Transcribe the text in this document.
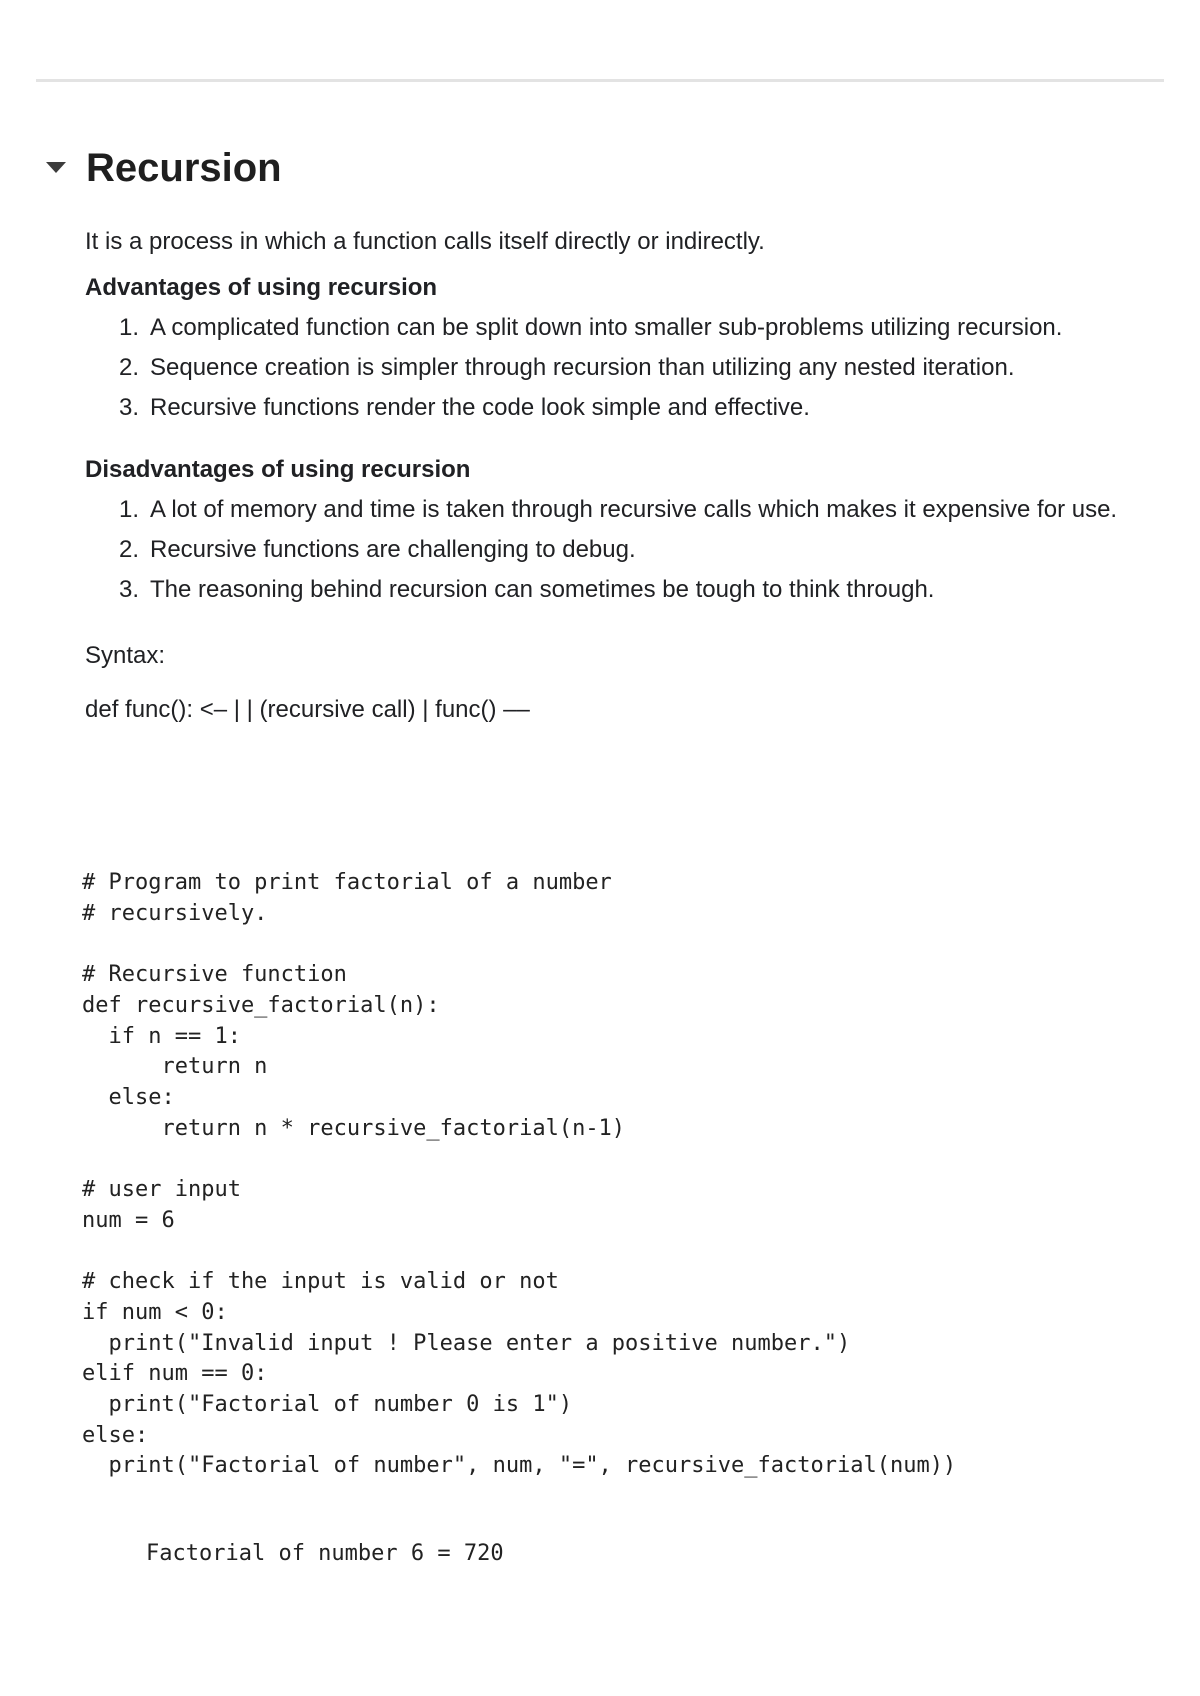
Recursion

It is a process in which a function calls itself directly or indirectly.

Advantages of using recursion

1. A complicated function can be split down into smaller sub-problems utilizing recursion.
2. Sequence creation is simpler through recursion than utilizing any nested iteration.
3. Recursive functions render the code look simple and effective.

Disadvantages of using recursion

1. A lot of memory and time is taken through recursive calls which makes it expensive for use.
2. Recursive functions are challenging to debug.
3. The reasoning behind recursion can sometimes be tough to think through.

Syntax:

def func(): <– | | (recursive call) | func() ––

# Program to print factorial of a number
# recursively.

# Recursive function
def recursive_factorial(n):
if n == 1:
return n
else:
return n * recursive_factorial(n-1)

# user input
num = 6

# check if the input is valid or not
if num < 0:
print("Invalid input ! Please enter a positive number.")
elif num == 0:
print("Factorial of number 0 is 1")
else:
print("Factorial of number", num, "=", recursive_factorial(num))
Factorial of number 6 = 720
